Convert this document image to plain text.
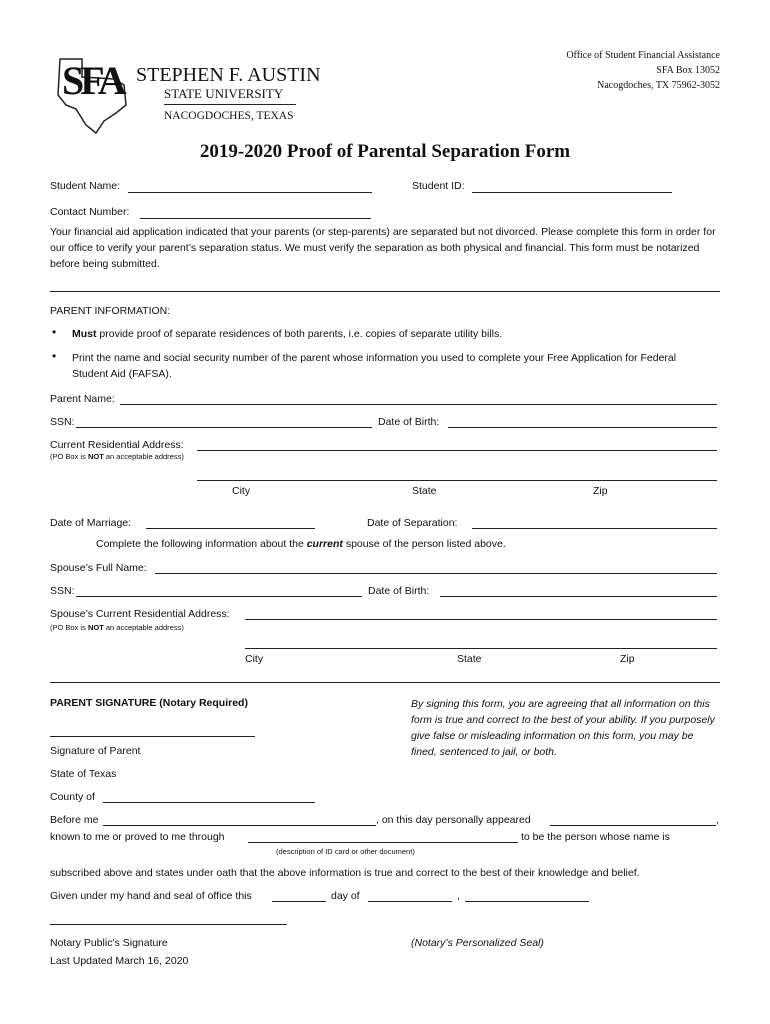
SFA STEPHEN F. AUSTIN
STATE UNIVERSITY
NACOGDOCHES, TEXAS
Office of Student Financial Assistance
SFA Box 13052
Nacogdoches, TX 75962-3052
2019-2020 Proof of Parental Separation Form
Student Name:	Student ID:
Contact Number:
Your financial aid application indicated that your parents (or step-parents) are separated but not divorced. Please complete this form in order for our office to verify your parent’s separation status. We must verify the separation as both physical and financial. This form must be notarized before being submitted.
PARENT INFORMATION:
• Must provide proof of separate residences of both parents, i.e. copies of separate utility bills.
• Print the name and social security number of the parent whose information you used to complete your Free Application for Federal Student Aid (FAFSA).
Parent Name:
SSN:	Date of Birth:
Current Residential Address:
(PO Box is NOT an acceptable address)
City	State	Zip
Date of Marriage:	Date of Separation:
Complete the following information about the current spouse of the person listed above.
Spouse’s Full Name:
SSN:	Date of Birth:
Spouse’s Current Residential Address:
(PO Box is NOT an acceptable address)
City	State	Zip
PARENT SIGNATURE (Notary Required)
Signature of Parent
By signing this form, you are agreeing that all information on this form is true and correct to the best of your ability. If you purposely give false or misleading information on this form, you may be fined, sentenced to jail, or both.
State of Texas
County of
Before me	, on this day personally appeared	,
known to me or proved to me through	to be the person whose name is
(description of ID card or other document)
subscribed above and states under oath that the above information is true and correct to the best of their knowledge and belief.
Given under my hand and seal of office this	day of	,
Notary Public’s Signature	(Notary’s Personalized Seal)
Last Updated March 16, 2020
